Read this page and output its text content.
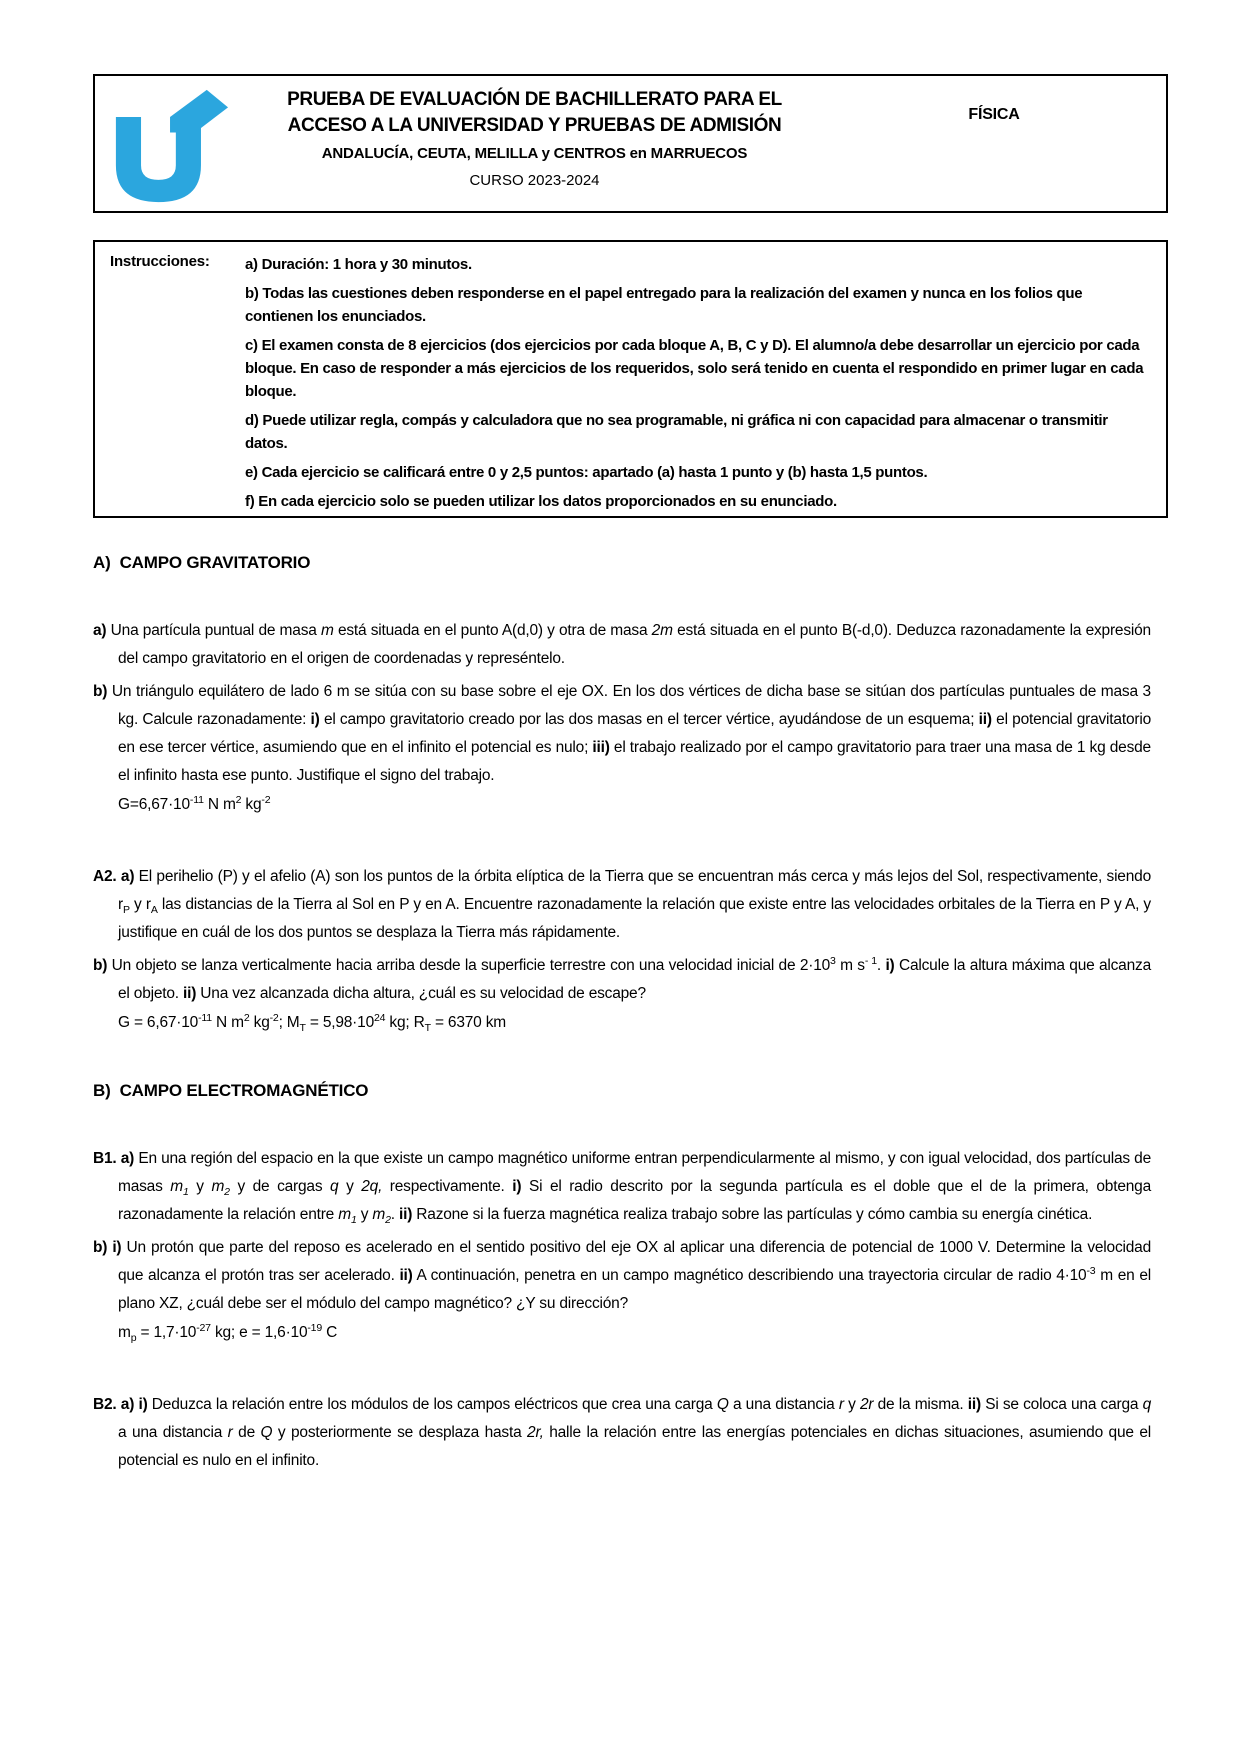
PRUEBA DE EVALUACIÓN DE BACHILLERATO PARA EL
ACCESO A LA UNIVERSIDAD Y PRUEBAS DE ADMISIÓN
ANDALUCÍA, CEUTA, MELILLA y CENTROS en MARRUECOS
CURSO 2023-2024
FÍSICA
Instrucciones:	a) Duración: 1 hora y 30 minutos.
b) Todas las cuestiones deben responderse en el papel entregado para la realización del examen y nunca en los folios que contienen los enunciados.
c) El examen consta de 8 ejercicios (dos ejercicios por cada bloque A, B, C y D). El alumno/a debe desarrollar un ejercicio por cada bloque. En caso de responder a más ejercicios de los requeridos, solo será tenido en cuenta el respondido en primer lugar en cada bloque.
d) Puede utilizar regla, compás y calculadora que no sea programable, ni gráfica ni con capacidad para almacenar o transmitir datos.
e) Cada ejercicio se calificará entre 0 y 2,5 puntos: apartado (a) hasta 1 punto y (b) hasta 1,5 puntos.
f) En cada ejercicio solo se pueden utilizar los datos proporcionados en su enunciado.
A)  CAMPO GRAVITATORIO

a) Una partícula puntual de masa m está situada en el punto A(d,0) y otra de masa 2m está situada en el punto B(-d,0). Deduzca razonadamente la expresión del campo gravitatorio en el origen de coordenadas y represéntelo.

b) Un triángulo equilátero de lado 6 m se sitúa con su base sobre el eje OX. En los dos vértices de dicha base se sitúan dos partículas puntuales de masa 3 kg. Calcule razonadamente: i) el campo gravitatorio creado por las dos masas en el tercer vértice, ayudándose de un esquema; ii) el potencial gravitatorio en ese tercer vértice, asumiendo que en el infinito el potencial es nulo; iii) el trabajo realizado por el campo gravitatorio para traer una masa de 1 kg desde el infinito hasta ese punto. Justifique el signo del trabajo.

$G=6,67\cdot 10^{-11}$ N $m^2$ $kg^{-2}$

A2. a) El perihelio (P) y el afelio (A) son los puntos de la órbita elíptica de la Tierra que se encuentran más cerca y más lejos del Sol, respectivamente, siendo $r_P$ y $r_A$ las distancias de la Tierra al Sol en P y en A. Encuentre razonadamente la relación que existe entre las velocidades orbitales de la Tierra en P y A, y justifique en cuál de los dos puntos se desplaza la Tierra más rápidamente.

b) Un objeto se lanza verticalmente hacia arriba desde la superficie terrestre con una velocidad inicial de $2\cdot 10^3$ m $s^{- 1}$. i) Calcule la altura máxima que alcanza el objeto. ii) Una vez alcanzada dicha altura, ¿cuál es su velocidad de escape?

$G = 6,67\cdot 10^{-11}$ N $m^2$ $kg^{-2}$; $M_T = 5,98\cdot 10^{24}$ kg; $R_T = 6370$ km

B)  CAMPO ELECTROMAGNÉTICO

B1. a) En una región del espacio en la que existe un campo magnético uniforme entran perpendicularmente al mismo, y con igual velocidad, dos partículas de masas $m_1$ y $m_2$ y de cargas q y 2q, respectivamente. i) Si el radio descrito por la segunda partícula es el doble que el de la primera, obtenga razonadamente la relación entre $m_1$ y $m_2$. ii) Razone si la fuerza magnética realiza trabajo sobre las partículas y cómo cambia su energía cinética.

b) i) Un protón que parte del reposo es acelerado en el sentido positivo del eje OX al aplicar una diferencia de potencial de 1000 V. Determine la velocidad que alcanza el protón tras ser acelerado. ii) A continuación, penetra en un campo magnético describiendo una trayectoria circular de radio $4\cdot 10^{-3}$ m en el plano XZ, ¿cuál debe ser el módulo del campo magnético? ¿Y su dirección?

$m_p = 1,7\cdot 10^{-27}$ kg; $e = 1,6\cdot 10^{-19}$ C

B2. a) i) Deduzca la relación entre los módulos de los campos eléctricos que crea una carga Q a una distancia r y 2r de la misma. ii) Si se coloca una carga q a una distancia r de Q y posteriormente se desplaza hasta 2r, halle la relación entre las energías potenciales en dichas situaciones, asumiendo que el potencial es nulo en el infinito.
